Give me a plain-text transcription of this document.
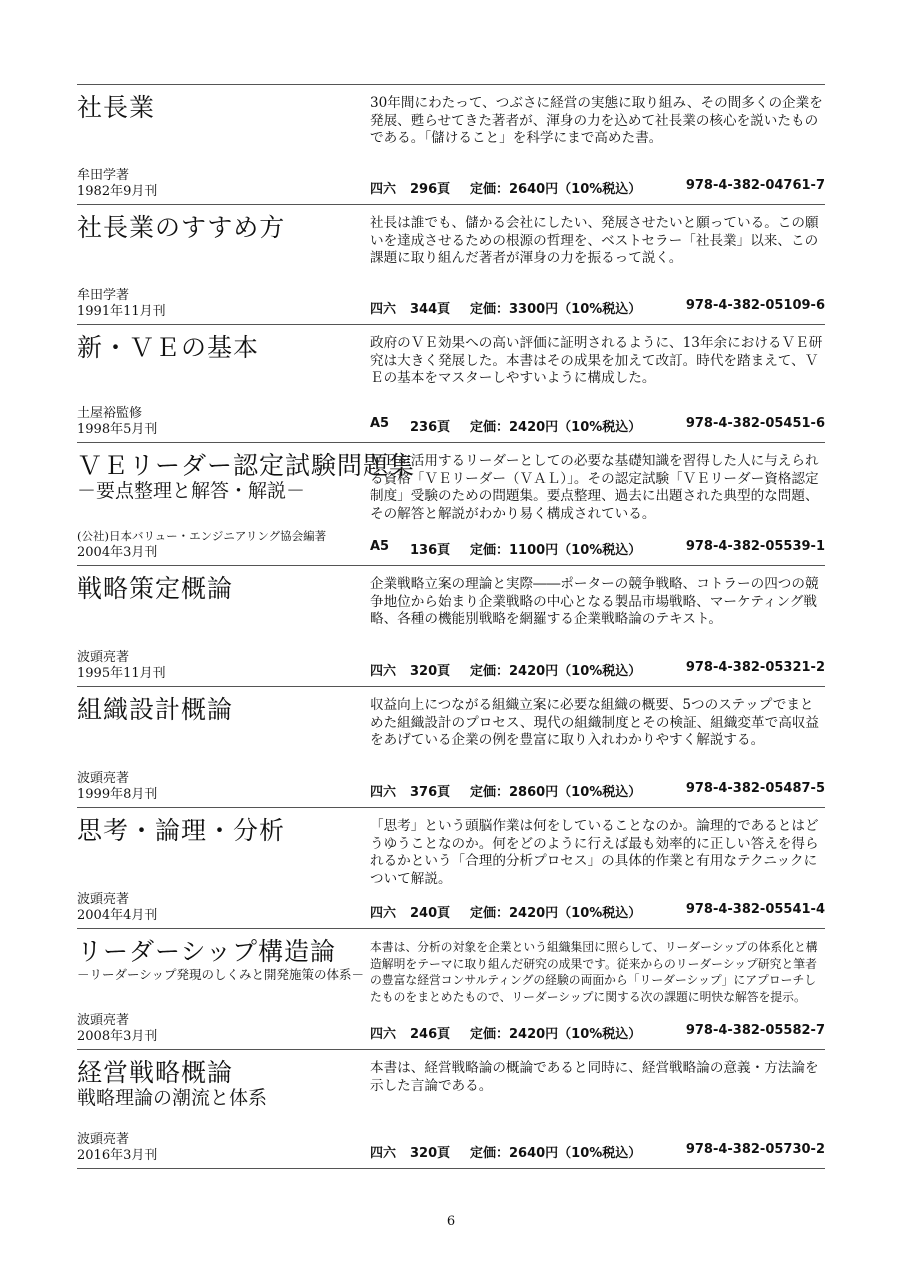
社長業
牟田学著
1982年9月刊
30年間にわたって、つぶさに経営の実態に取り組み、その間多くの企業を発展、甦らせてきた著者が、渾身の力を込めて社長業の核心を説いたものである。「儲けること」を科学にまで高めた書。
四六	296頁	定価：2640円（10%税込）	978-4-382-04761-7
社長業のすすめ方
牟田学著
1991年11月刊
社長は誰でも、儲かる会社にしたい、発展させたいと願っている。この願いを達成させるための根源の哲理を、ベストセラー「社長業」以来、この課題に取り組んだ著者が渾身の力を振るって説く。
四六	344頁	定価：3300円（10%税込）	978-4-382-05109-6
新・ＶＥの基本
土屋裕監修
1998年5月刊
政府のＶＥ効果への高い評価に証明されるように、13年余におけるＶＥ研究は大きく発展した。本書はその成果を加えて改訂。時代を踏まえて、ＶＥの基本をマスターしやすいように構成した。
A5	236頁	定価：2420円（10%税込）	978-4-382-05451-6
ＶＥリーダー認定試験問題集
－要点整理と解答・解説－
(公社)日本バリュー・エンジニアリング協会編著
2004年3月刊
ＶＥを活用するリーダーとしての必要な基礎知識を習得した人に与えられる資格「ＶＥリーダー（ＶＡＬ）」。その認定試験「ＶＥリーダー資格認定制度」受験のための問題集。要点整理、過去に出題された典型的な問題、その解答と解説がわかり易く構成されている。
A5	136頁	定価：1100円（10%税込）	978-4-382-05539-1
戦略策定概論
波頭亮著
1995年11月刊
企業戦略立案の理論と実際――ポーターの競争戦略、コトラーの四つの競争地位から始まり企業戦略の中心となる製品市場戦略、マーケティング戦略、各種の機能別戦略を網羅する企業戦略論のテキスト。
四六	320頁	定価：2420円（10%税込）	978-4-382-05321-2
組織設計概論
波頭亮著
1999年8月刊
収益向上につながる組織立案に必要な組織の概要、5つのステップでまとめた組織設計のプロセス、現代の組織制度とその検証、組織変革で高収益をあげている企業の例を豊富に取り入れわかりやすく解説する。
四六	376頁	定価：2860円（10%税込）	978-4-382-05487-5
思考・論理・分析
波頭亮著
2004年4月刊
「思考」という頭脳作業は何をしていることなのか。論理的であるとはどうゆうことなのか。何をどのように行えば最も効率的に正しい答えを得られるかという「合理的分析プロセス」の具体的作業と有用なテクニックについて解説。
四六	240頁	定価：2420円（10%税込）	978-4-382-05541-4
リーダーシップ構造論
－リーダーシップ発現のしくみと開発施策の体系－
波頭亮著
2008年3月刊
本書は、分析の対象を企業という組織集団に照らして、リーダーシップの体系化と構造解明をテーマに取り組んだ研究の成果です。従来からのリーダーシップ研究と筆者の豊富な経営コンサルティングの経験の両面から「リーダーシップ」にアプローチしたものをまとめたもので、リーダーシップに関する次の課題に明快な解答を提示。
四六	246頁	定価：2420円（10%税込）	978-4-382-05582-7
経営戦略概論
戦略理論の潮流と体系
波頭亮著
2016年3月刊
本書は、経営戦略論の概論であると同時に、経営戦略論の意義・方法論を示した言論である。
四六	320頁	定価：2640円（10%税込）	978-4-382-05730-2
6
